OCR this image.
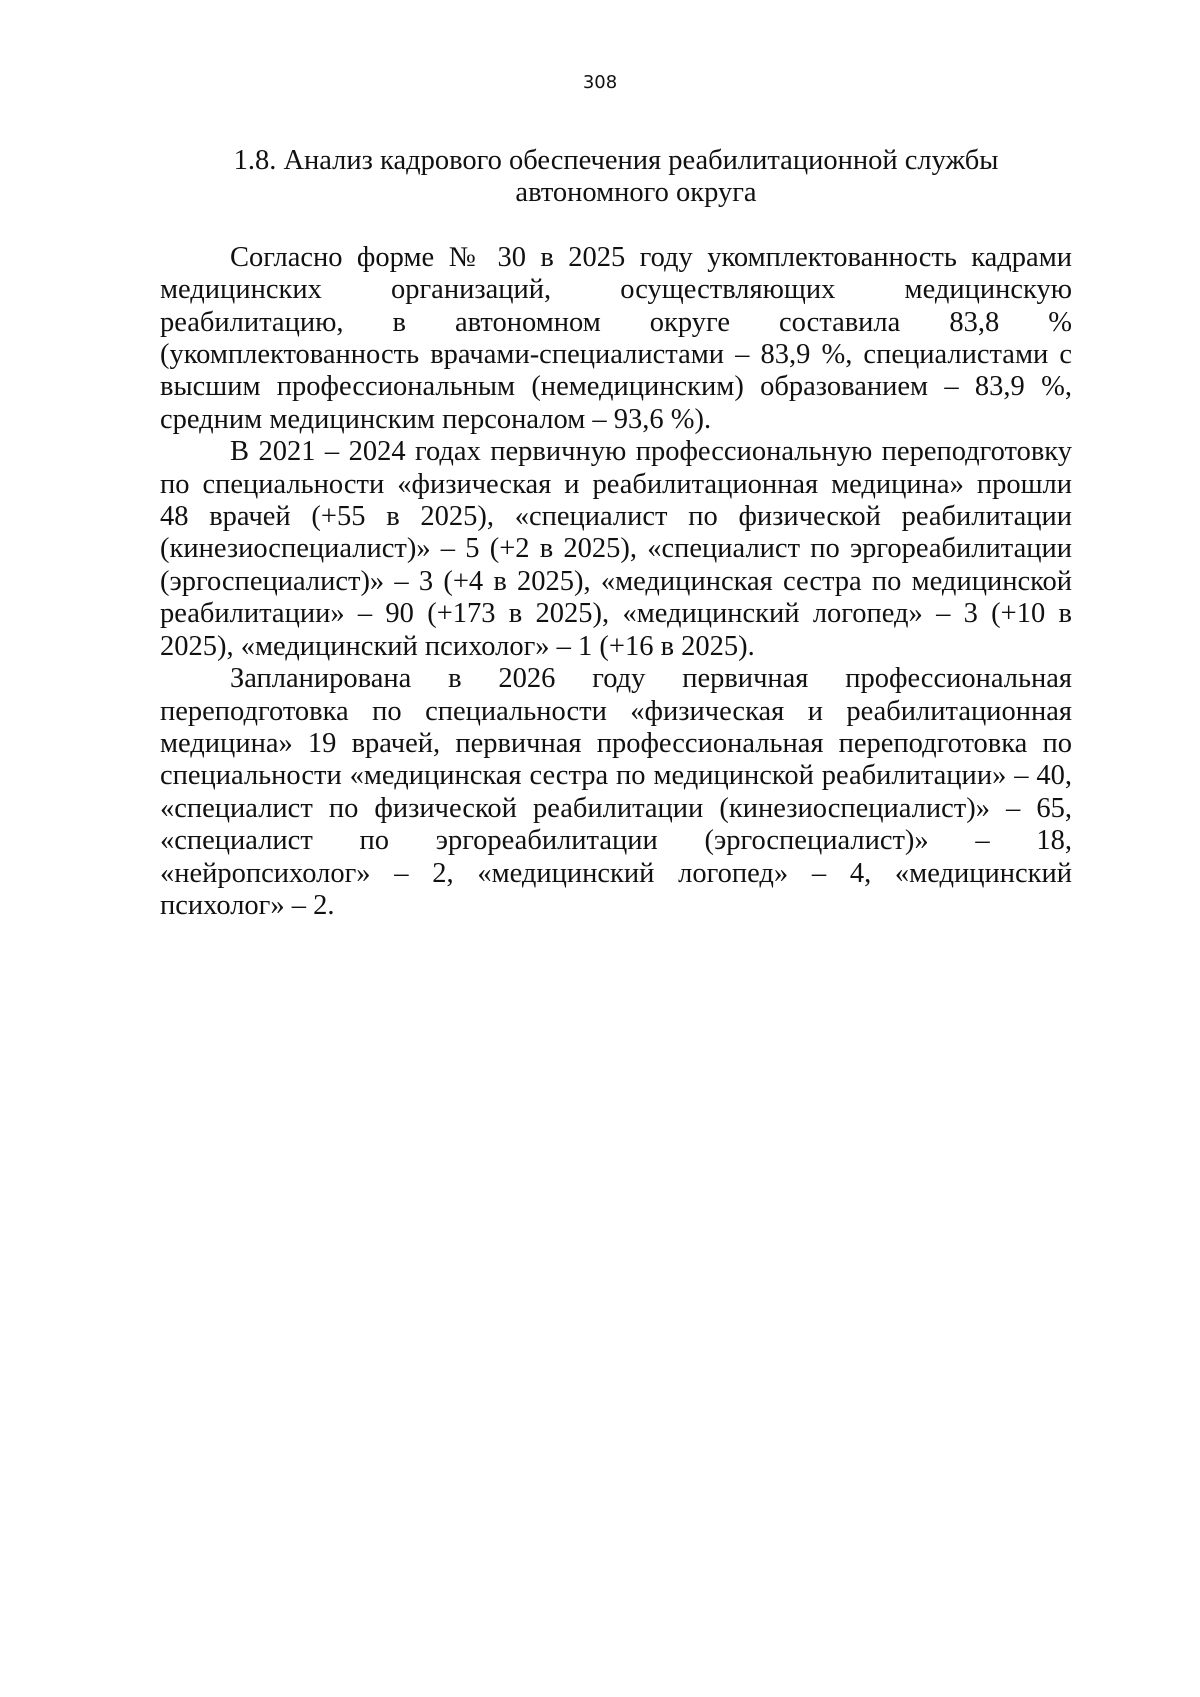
308
1.8. Анализ кадрового обеспечения реабилитационной службы
автономного округа

Согласно форме № 30 в 2025 году укомплектованность кадрами медицинских организаций, осуществляющих медицинскую реабилитацию, в автономном округе составила 83,8 % (укомплектованность врачами-специалистами – 83,9 %, специалистами с высшим профессиональным (немедицинским) образованием – 83,9 %, средним медицинским персоналом – 93,6 %).

В 2021 – 2024 годах первичную профессиональную переподготовку по специальности «физическая и реабилитационная медицина» прошли 48 врачей (+55 в 2025), «специалист по физической реабилитации (кинезиоспециалист)» – 5 (+2 в 2025), «специалист по эргореабилитации (эргоспециалист)» – 3 (+4 в 2025), «медицинская сестра по медицинской реабилитации» – 90 (+173 в 2025), «медицинский логопед» – 3 (+10 в 2025), «медицинский психолог» – 1 (+16 в 2025).

Запланирована в 2026 году первичная профессиональная переподготовка по специальности «физическая и реабилитационная медицина» 19 врачей, первичная профессиональная переподготовка по специальности «медицинская сестра по медицинской реабилитации» – 40, «специалист по физической реабилитации (кинезиоспециалист)» – 65, «специалист по эргореабилитации (эргоспециалист)» – 18, «нейропсихолог» – 2, «медицинский логопед» – 4, «медицинский психолог» – 2.
